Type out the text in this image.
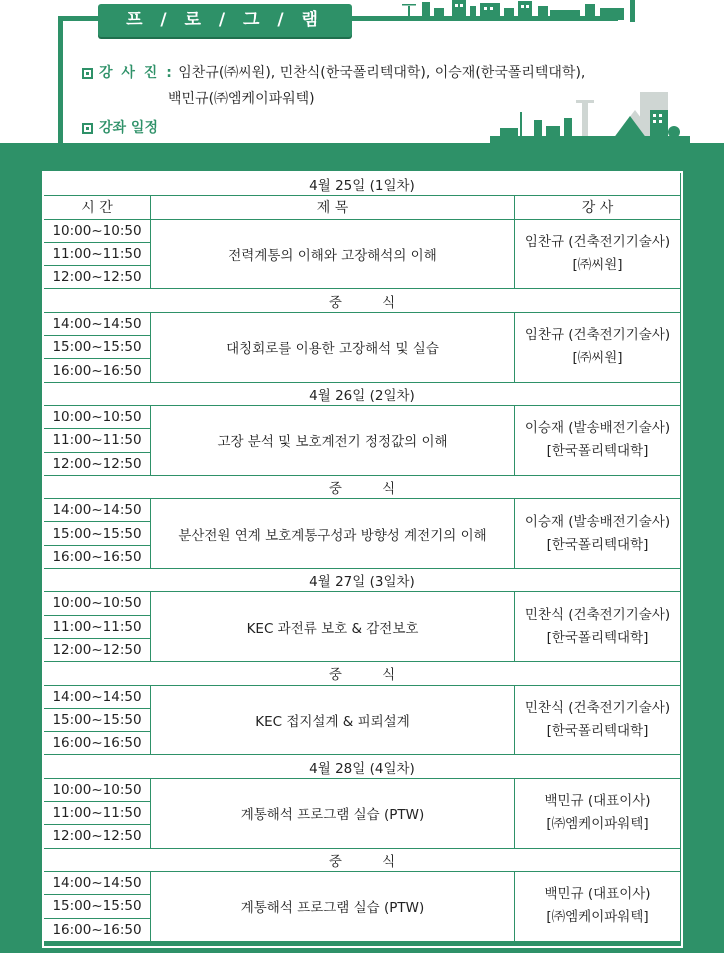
프 / 로 / 그 / 램
강 사 진 : 임찬규(㈜씨원), 민찬식(한국폴리텍대학), 이승재(한국폴리텍대학),
백민규(㈜엠케이파워텍)
강좌 일정
4월 25일 (1일차)		
시 간	제 목	강 사
10:00~10:50	전력계통의 이해와 고장해석의 이해	임찬규 (건축전기기술사)
[㈜씨원]

11:00~11:50		
12:00~12:50		
중 식		
14:00~14:50	대칭회로를 이용한 고장해석 및 실습	임찬규 (건축전기기술사)
[㈜씨원]

15:00~15:50		
16:00~16:50		
4월 26일 (2일차)		
10:00~10:50	고장 분석 및 보호계전기 정정값의 이해	이승재 (발송배전기술사)
[한국폴리텍대학]

11:00~11:50		
12:00~12:50		
중 식		
14:00~14:50	분산전원 연계 보호계통구성과 방향성 계전기의 이해	이승재 (발송배전기술사)
[한국폴리텍대학]

15:00~15:50		
16:00~16:50		
4월 27일 (3일차)		
10:00~10:50	KEC 과전류 보호 & 감전보호	민찬식 (건축전기기술사)
[한국폴리텍대학]

11:00~11:50		
12:00~12:50		
중 식		
14:00~14:50	KEC 접지설계 & 피뢰설계	민찬식 (건축전기기술사)
[한국폴리텍대학]

15:00~15:50		
16:00~16:50		
4월 28일 (4일차)		
10:00~10:50	계통해석 프로그램 실습 (PTW)	백민규 (대표이사)
[㈜엠케이파워텍]

11:00~11:50		
12:00~12:50		
중 식		
14:00~14:50	계통해석 프로그램 실습 (PTW)	백민규 (대표이사)
[㈜엠케이파워텍]

15:00~15:50		
16:00~16:50		
